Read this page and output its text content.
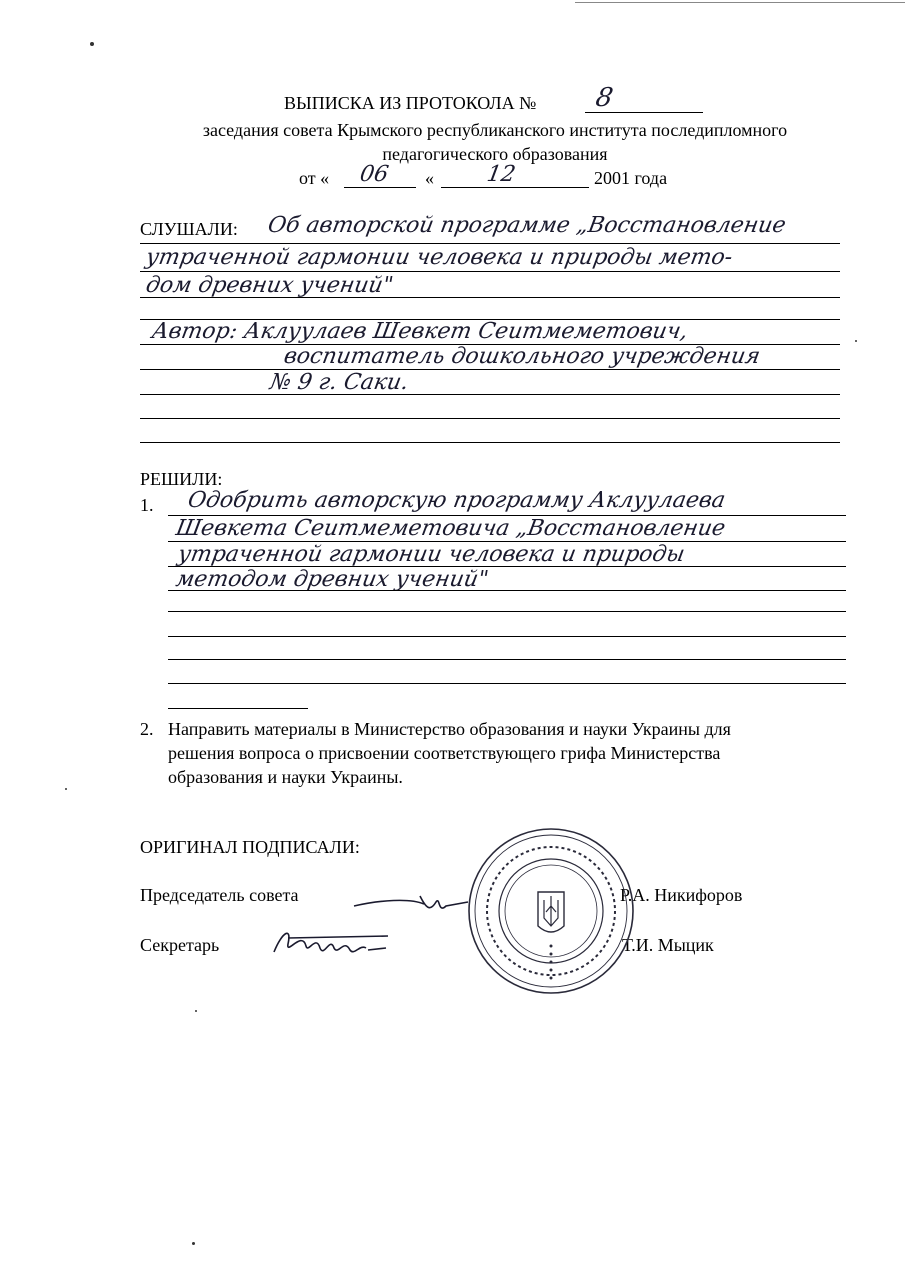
ВЫПИСКА ИЗ ПРОТОКОЛА № 8
заседания совета Крымского республиканского института последипломного
педагогического образования
от « 06 « 12	2001 года
СЛУШАЛИ: Об авторской программе „Восстановление
утраченной гармонии человека и природы мето-
дом древних учений"
Автор: Аклуулаев Шевкет Сеитмеметович,
воспитатель дошкольного учреждения
№ 9 г. Саки.
РЕШИЛИ:
1. Одобрить авторскую программу Аклуулаева
Шевкета Сеитмеметовича „Восстановление
утраченной гармонии человека и природы
методом древних учений"
2. Направить материалы в Министерство образования и науки Украины для
решения вопроса о присвоении соответствующего грифа Министерства
образования и науки Украины.
ОРИГИНАЛ ПОДПИСАЛИ:
Председатель совета	Р.А. Никифоров
Секретарь	Т.И. Мыцик
